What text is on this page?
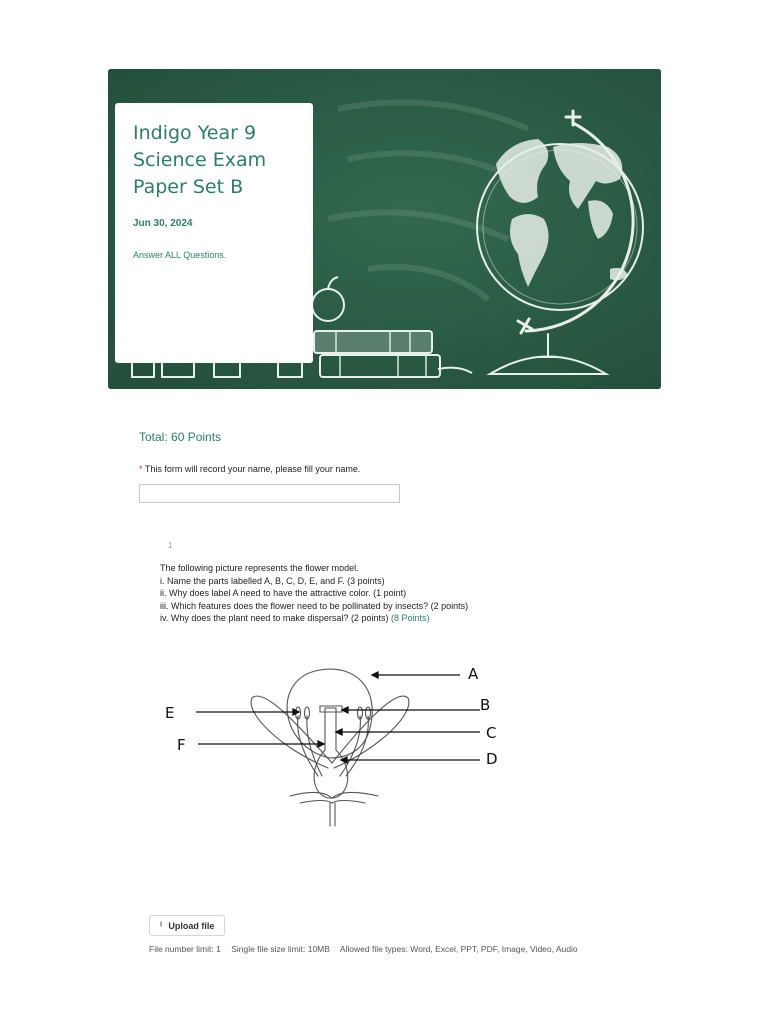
Indigo Year 9 Science Exam Paper Set B
Jun 30, 2024
Answer ALL Questions.
Total: 60 Points
* This form will record your name, please fill your name.
1
The following picture represents the flower model.
i. Name the parts labelled A, B, C, D, E, and F. (3 points)
ii. Why does label A need to have the attractive color. (1 point)
iii. Which features does the flower need to be pollinated by insects? (2 points)
iv. Why does the plant need to make dispersal? (2 points) (8 Points)
A
B
C
D
E
F
⭱ Upload file
File number limit: 1 Single file size limit: 10MB Allowed file types: Word, Excel, PPT, PDF, Image, Video, Audio
